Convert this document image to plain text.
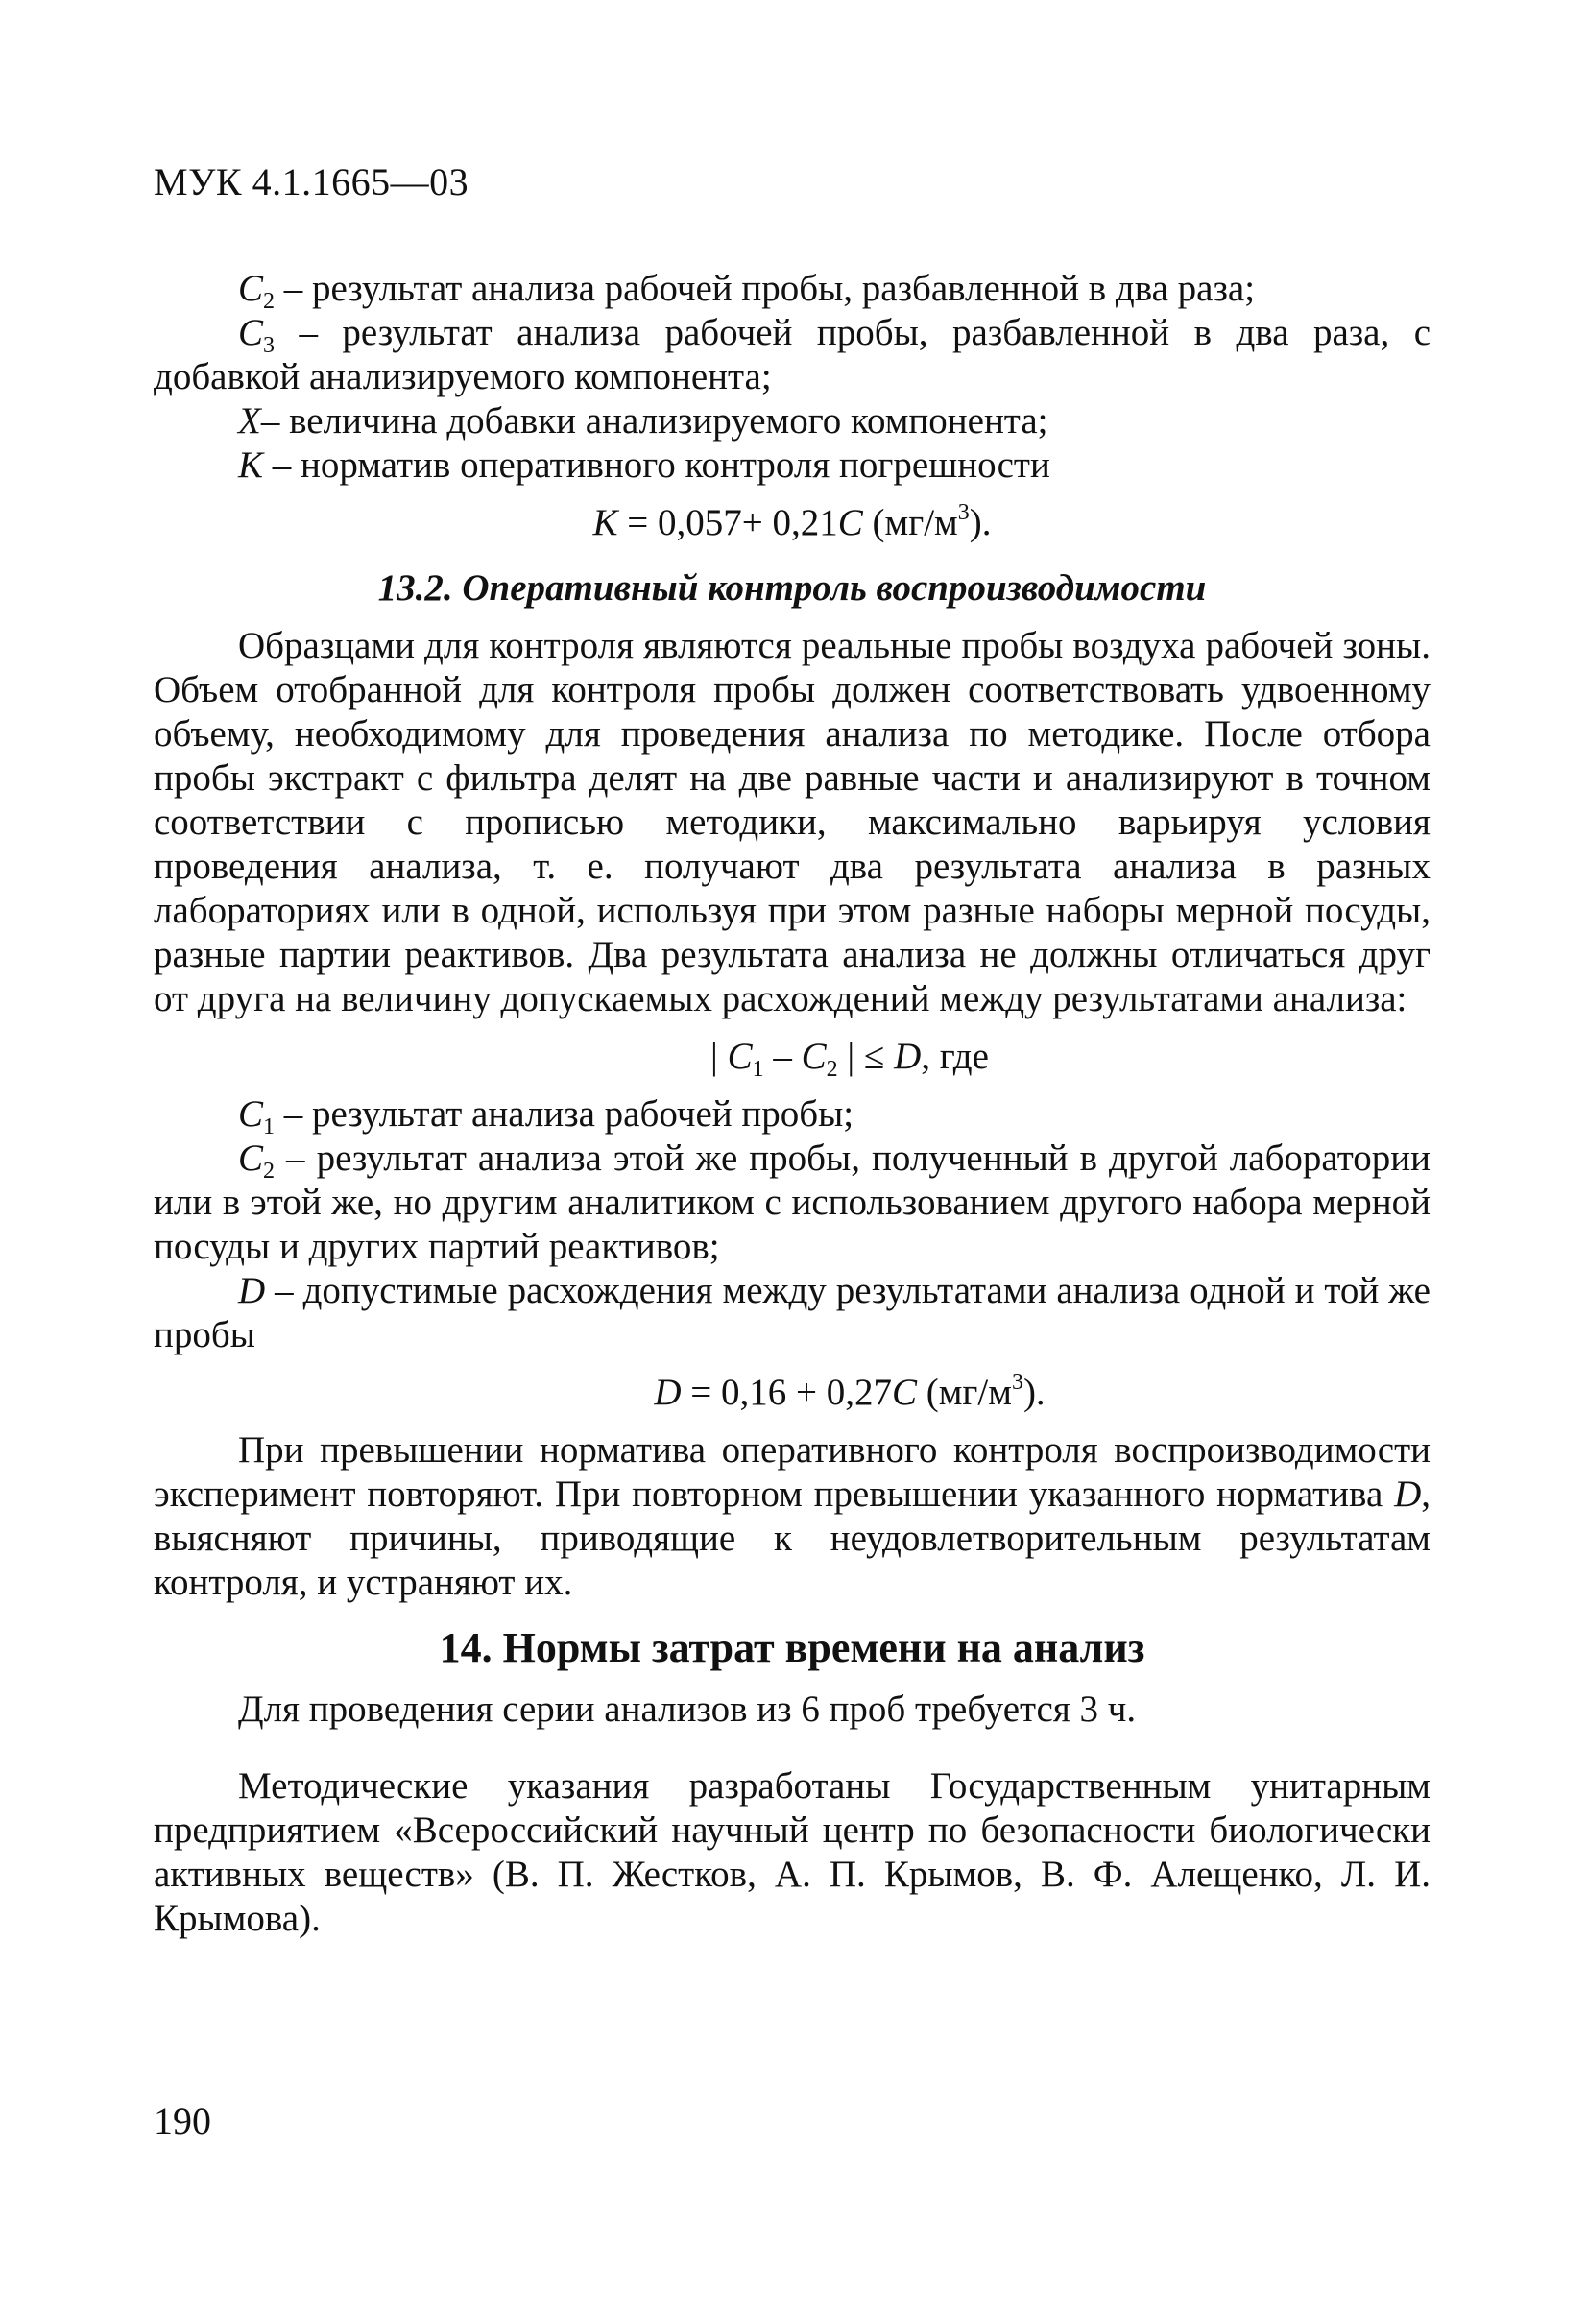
МУК 4.1.1665—03

$C_2$ – результат анализа рабочей пробы, разбавленной в два раза;

$C_3$ – результат анализа рабочей пробы, разбавленной в два раза, с добавкой анализируемого компонента;

X– величина добавки анализируемого компонента;

K – норматив оперативного контроля погрешности

K = 0,057+ 0,21C $(мг/м^3)$.

13.2. Оперативный контроль воспроизводимости

Образцами для контроля являются реальные пробы воздуха рабочей зоны. Объем отобранной для контроля пробы должен соответствовать удвоенному объему, необходимому для проведения анализа по методике. После отбора пробы экстракт с фильтра делят на две равные части и анализируют в точном соответствии с прописью методики, максимально варьируя условия проведения анализа, т. е. получают два результата анализа в разных лабораториях или в одной, используя при этом разные наборы мерной посуды, разные партии реактивов. Два результата анализа не должны отличаться друг от друга на величину допускаемых расхождений между результатами анализа:

| $C_1 - C_2$ | ≤ D, где

$C_1$ – результат анализа рабочей пробы;

$C_2$ – результат анализа этой же пробы, полученный в другой лаборатории или в этой же, но другим аналитиком с использованием другого набора мерной посуды и других партий реактивов;

D – допустимые расхождения между результатами анализа одной и той же пробы

D = 0,16 + 0,27C $(мг/м^3)$.

При превышении норматива оперативного контроля воспроизводимости эксперимент повторяют. При повторном превышении указанного норматива D, выясняют причины, приводящие к неудовлетворительным результатам контроля, и устраняют их.

14. Нормы затрат времени на анализ

Для проведения серии анализов из 6 проб требуется 3 ч.

Методические указания разработаны Государственным унитарным предприятием «Всероссийский научный центр по безопасности биологически активных веществ» (В. П. Жестков, А. П. Крымов, В. Ф. Алещенко, Л. И. Крымова).

190
